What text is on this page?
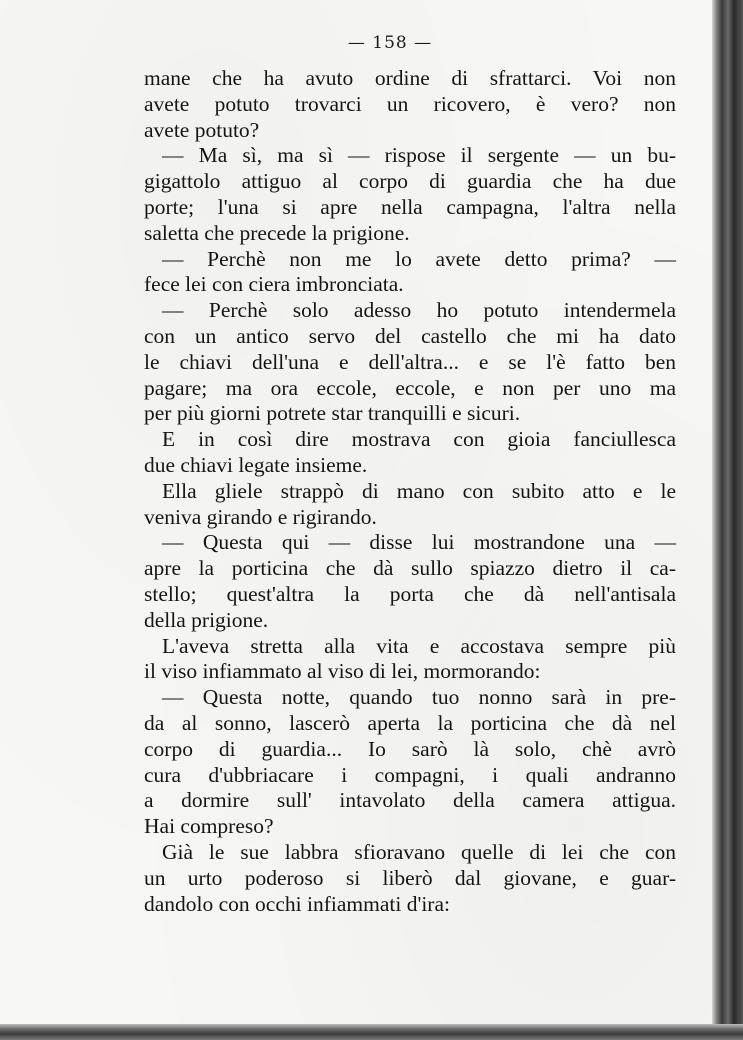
— 158 —
mane che ha avuto ordine di sfrattarci. Voi non
avete potuto trovarci un ricovero, è vero? non
avete potuto?
— Ma sì, ma sì — rispose il sergente — un bu-
gigattolo attiguo al corpo di guardia che ha due
porte; l'una si apre nella campagna, l'altra nella
saletta che precede la prigione.
— Perchè non me lo avete detto prima? —
fece lei con ciera imbronciata.
— Perchè solo adesso ho potuto intendermela
con un antico servo del castello che mi ha dato
le chiavi dell'una e dell'altra... e se l'è fatto ben
pagare; ma ora eccole, eccole, e non per uno ma
per più giorni potrete star tranquilli e sicuri.
E in così dire mostrava con gioia fanciullesca
due chiavi legate insieme.
Ella gliele strappò di mano con subito atto e le
veniva girando e rigirando.
— Questa qui — disse lui mostrandone una —
apre la porticina che dà sullo spiazzo dietro il ca-
stello; quest'altra la porta che dà nell'antisala
della prigione.
L'aveva stretta alla vita e accostava sempre più
il viso infiammato al viso di lei, mormorando:
— Questa notte, quando tuo nonno sarà in pre-
da al sonno, lascerò aperta la porticina che dà nel
corpo di guardia... Io sarò là solo, chè avrò
cura d'ubbriacare i compagni, i quali andranno
a dormire sull' intavolato della camera attigua.
Hai compreso?
Già le sue labbra sfioravano quelle di lei che con
un urto poderoso si liberò dal giovane, e guar-
dandolo con occhi infiammati d'ira:
